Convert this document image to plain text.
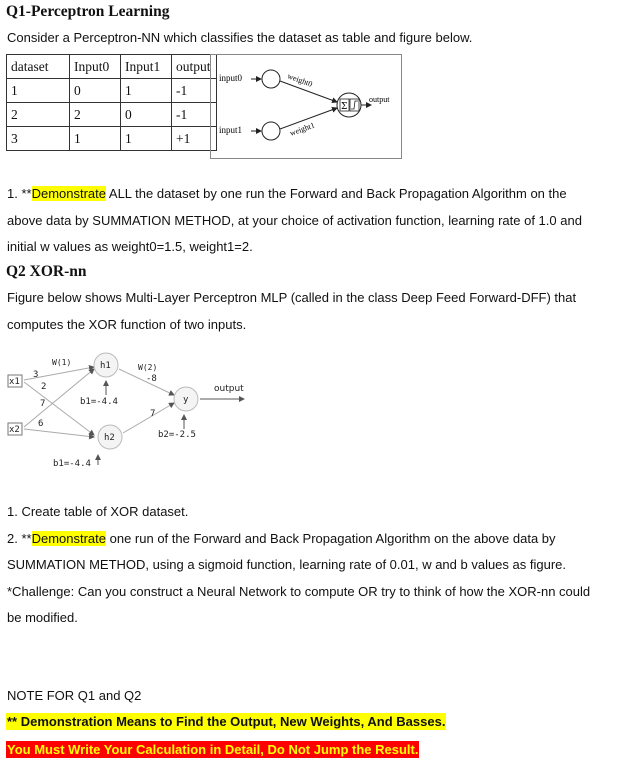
Q1-Perceptron Learning
Consider a Perceptron-NN which classifies the dataset as table and figure below.
dataset	Input0	Input1	output
1	0	1	-1
2	2	0	-1
3	1	1	+1
input0
input1
weight0
weight1
Σ
output
1. **Demonstrate ALL the dataset by one run the Forward and Back Propagation Algorithm on the
above data by SUMMATION METHOD, at your choice of activation function, learning rate of 1.0 and
initial w values as weight0=1.5, weight1=2.
Q2 XOR-nn
Figure below shows Multi-Layer Perceptron MLP (called in the class Deep Feed Forward-DFF) that
computes the XOR function of two inputs.
x1
x2
W(1)
3
2
7
6
h1
h2
b1=-4.4
b1=-4.4
W(2)
-8
7
y
b2=-2.5
output
1. Create table of XOR dataset.
2. **Demonstrate one run of the Forward and Back Propagation Algorithm on the above data by
SUMMATION METHOD, using a sigmoid function, learning rate of 0.01, w and b values as figure.
*Challenge: Can you construct a Neural Network to compute OR try to think of how the XOR-nn could
be modified.
NOTE FOR Q1 and Q2
** Demonstration Means to Find the Output, New Weights, And Basses.
You Must Write Your Calculation in Detail, Do Not Jump the Result.
